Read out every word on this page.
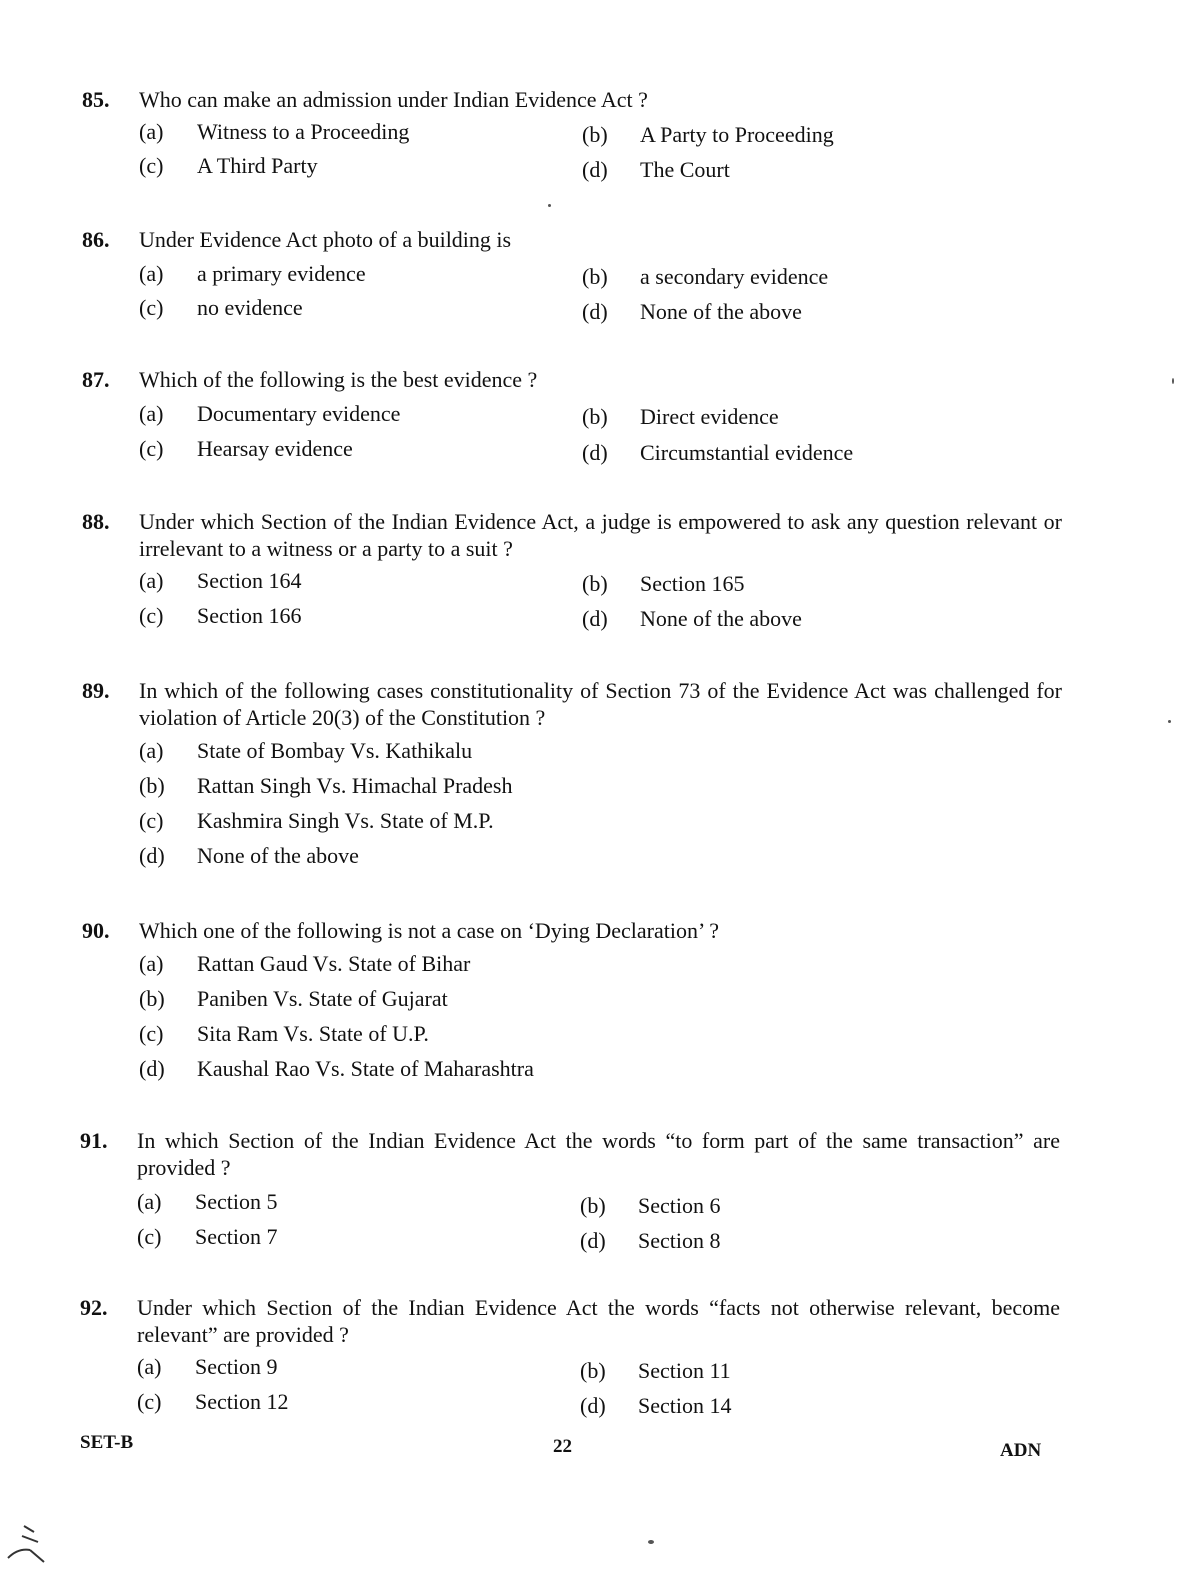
85.	Who can make an admission under Indian Evidence Act ?
(a)	Witness to a Proceeding	(b)	A Party to Proceeding
(c)	A Third Party	(d)	The Court
86.	Under Evidence Act photo of a building is
(a)	a primary evidence	(b)	a secondary evidence
(c)	no evidence	(d)	None of the above
87.	Which of the following is the best evidence ?
(a)	Documentary evidence	(b)	Direct evidence
(c)	Hearsay evidence	(d)	Circumstantial evidence
88.	Under which Section of the Indian Evidence Act, a judge is empowered to ask any question relevant or irrelevant to a witness or a party to a suit ?
(a)	Section 164	(b)	Section 165
(c)	Section 166	(d)	None of the above
89.	In which of the following cases constitutionality of Section 73 of the Evidence Act was challenged for violation of Article 20(3) of the Constitution ?
(a)	State of Bombay Vs. Kathikalu
(b)	Rattan Singh Vs. Himachal Pradesh
(c)	Kashmira Singh Vs. State of M.P.
(d)	None of the above
90.	Which one of the following is not a case on ‘Dying Declaration’ ?
(a)	Rattan Gaud Vs. State of Bihar
(b)	Paniben Vs. State of Gujarat
(c)	Sita Ram Vs. State of U.P.
(d)	Kaushal Rao Vs. State of Maharashtra
91.	In which Section of the Indian Evidence Act the words “to form part of the same transaction” are provided ?
(a)	Section 5	(b)	Section 6
(c)	Section 7	(d)	Section 8
92.	Under which Section of the Indian Evidence Act the words “facts not otherwise relevant, become relevant” are provided ?
(a)	Section 9	(b)	Section 11
(c)	Section 12	(d)	Section 14
SET-B	22	ADN
